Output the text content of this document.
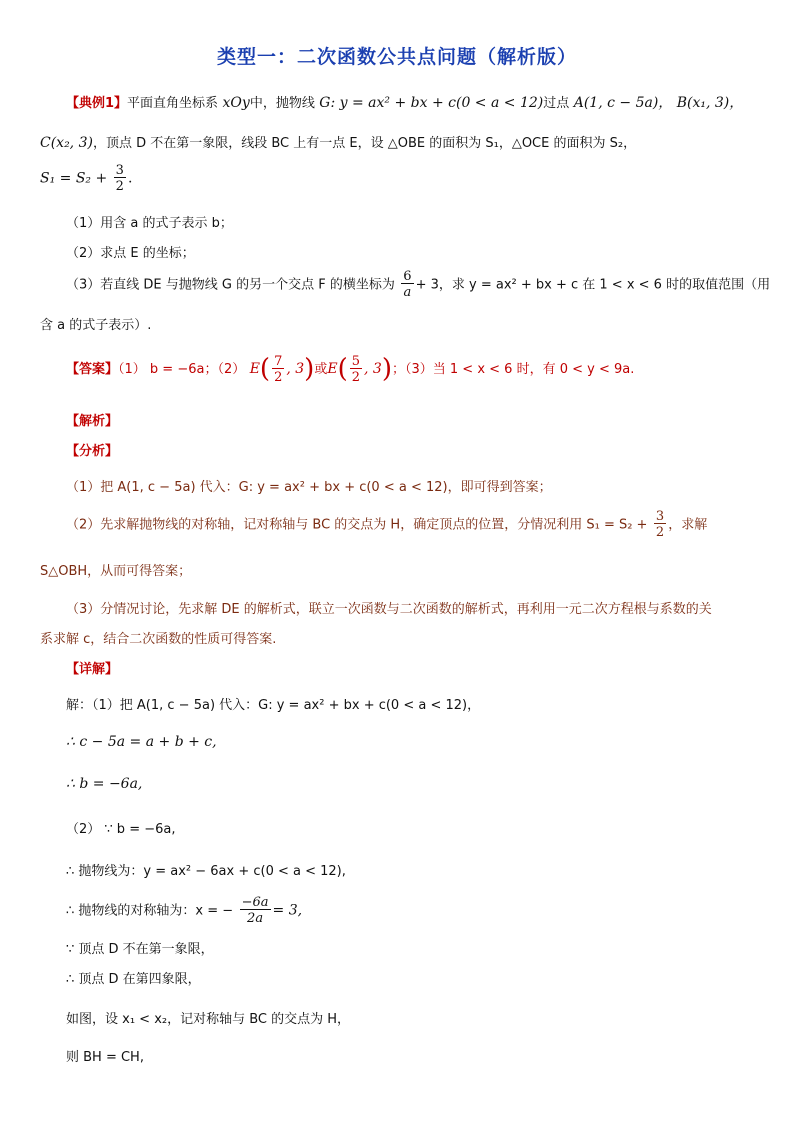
类型一：二次函数公共点问题（解析版）
【典例1】平面直角坐标系 xOy中，抛物线 G: y = ax² + bx + c(0 < a < 12)过点 A(1, c − 5a)， B(x₁, 3)，
C(x₂, 3)，顶点 D 不在第一象限，线段 BC 上有一点 E，设 △OBE 的面积为 S₁，△OCE 的面积为 S₂，
$S_1 = S_2 + \frac{3}{2}$ .
（1）用含 a 的式子表示 b；
（2）求点 E 的坐标；
（3）若直线 DE 与抛物线 G 的另一个交点 F 的横坐标为 $\frac{6}{a} + 3$，求 y = ax² + bx + c 在 1 < x < 6 时的取值范围（用
含 a 的式子表示）.
【答案】（1） b = −6a；（2） $E( \frac{7}{2}$ , 3)或$E( \frac{5}{2}$ , 3)；（3）当 1 < x < 6 时，有 0 < y < 9a.
【解析】
【分析】
（1）把 A(1, c − 5a) 代入：G: y = ax² + bx + c(0 < a < 12)，即可得到答案；
（2）先求解抛物线的对称轴，记对称轴与 BC 的交点为 H，确定顶点的位置，分情况利用 $S_1 = S_2 + \frac{3}{2}$ ，求解
S△OBH，从而可得答案；
（3）分情况讨论，先求解 DE 的解析式，联立一次函数与二次函数的解析式，再利用一元二次方程根与系数的关
系求解 c，结合二次函数的性质可得答案.
【详解】
解：（1）把 A(1, c − 5a) 代入：G: y = ax² + bx + c(0 < a < 12)，
∴ c − 5a = a + b + c,
∴ b = −6a,
（2） ∵ b = −6a,
∴ 抛物线为：y = ax² − 6ax + c(0 < a < 12),
∴ 抛物线的对称轴为：x = − $\frac{-6a}{2a} = 3$,
∵ 顶点 D 不在第一象限，
∴ 顶点 D 在第四象限，
如图，设 x₁ < x₂，记对称轴与 BC 的交点为 H，
则 BH = CH,
